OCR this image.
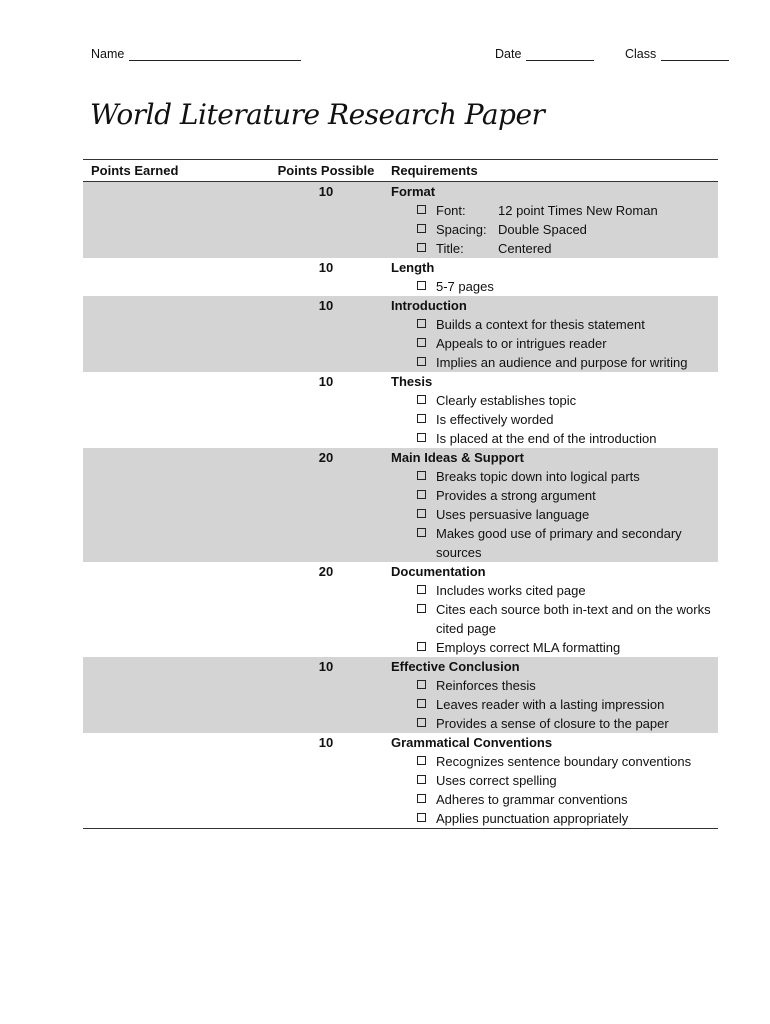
Name	Date	Class
World Literature Research Paper
Points Earned	Points Possible	Requirements
10	Format
Font: 12 point Times New Roman
Spacing: Double Spaced
Title:	Centered
10	Length
5-7 pages
10	Introduction
Builds a context for thesis statement
Appeals to or intrigues reader
Implies an audience and purpose for writing
10	Thesis
Clearly establishes topic
Is effectively worded
Is placed at the end of the introduction
20	Main Ideas & Support
Breaks topic down into logical parts
Provides a strong argument
Uses persuasive language
Makes good use of primary and secondary sources
20	Documentation
Includes works cited page
Cites each source both in-text and on the works cited page
Employs correct MLA formatting
10	Effective Conclusion
Reinforces thesis
Leaves reader with a lasting impression
Provides a sense of closure to the paper
10	Grammatical Conventions
Recognizes sentence boundary conventions
Uses correct spelling
Adheres to grammar conventions
Applies punctuation appropriately
